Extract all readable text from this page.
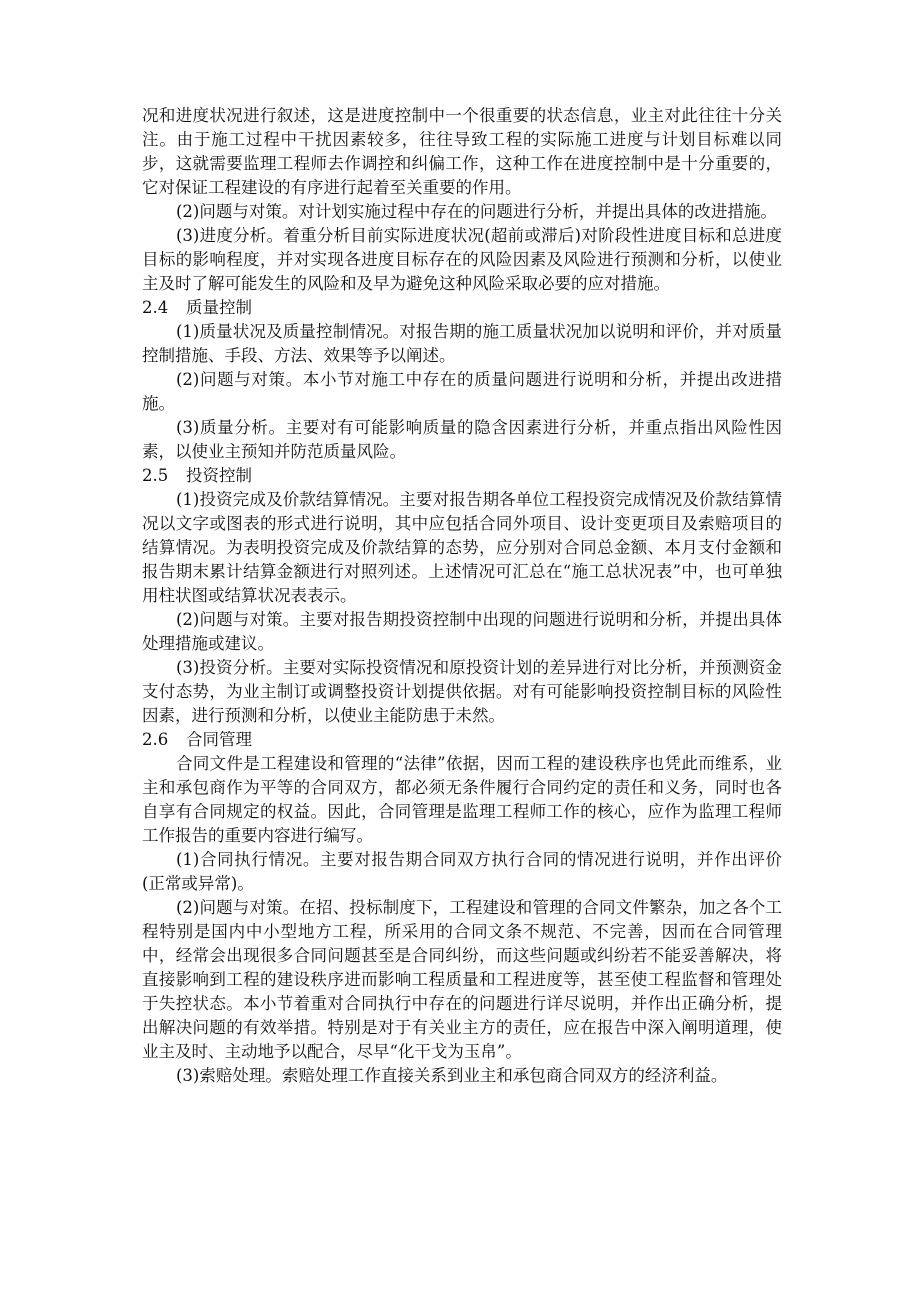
况和进度状况进行叙述，这是进度控制中一个很重要的状态信息，业主对此往往十分关注。由于施工过程中干扰因素较多，往往导致工程的实际施工进度与计划目标难以同步，这就需要监理工程师去作调控和纠偏工作，这种工作在进度控制中是十分重要的，它对保证工程建设的有序进行起着至关重要的作用。

(2)问题与对策。对计划实施过程中存在的问题进行分析，并提出具体的改进措施。

(3)进度分析。着重分析目前实际进度状况(超前或滞后)对阶段性进度目标和总进度目标的影响程度，并对实现各进度目标存在的风险因素及风险进行预测和分析，以使业主及时了解可能发生的风险和及早为避免这种风险采取必要的应对措施。

2.4 质量控制

(1)质量状况及质量控制情况。对报告期的施工质量状况加以说明和评价，并对质量控制措施、手段、方法、效果等予以阐述。

(2)问题与对策。本小节对施工中存在的质量问题进行说明和分析，并提出改进措施。

(3)质量分析。主要对有可能影响质量的隐含因素进行分析，并重点指出风险性因素，以使业主预知并防范质量风险。

2.5 投资控制

(1)投资完成及价款结算情况。主要对报告期各单位工程投资完成情况及价款结算情况以文字或图表的形式进行说明，其中应包括合同外项目、设计变更项目及索赔项目的结算情况。为表明投资完成及价款结算的态势，应分别对合同总金额、本月支付金额和报告期末累计结算金额进行对照列述。上述情况可汇总在“施工总状况表”中，也可单独用柱状图或结算状况表表示。

(2)问题与对策。主要对报告期投资控制中出现的问题进行说明和分析，并提出具体处理措施或建议。

(3)投资分析。主要对实际投资情况和原投资计划的差异进行对比分析，并预测资金支付态势，为业主制订或调整投资计划提供依据。对有可能影响投资控制目标的风险性因素，进行预测和分析，以使业主能防患于未然。

2.6 合同管理

合同文件是工程建设和管理的“法律”依据，因而工程的建设秩序也凭此而维系，业主和承包商作为平等的合同双方，都必须无条件履行合同约定的责任和义务，同时也各自享有合同规定的权益。因此，合同管理是监理工程师工作的核心，应作为监理工程师工作报告的重要内容进行编写。

(1)合同执行情况。主要对报告期合同双方执行合同的情况进行说明，并作出评价(正常或异常)。

(2)问题与对策。在招、投标制度下，工程建设和管理的合同文件繁杂，加之各个工程特别是国内中小型地方工程，所采用的合同文条不规范、不完善，因而在合同管理中，经常会出现很多合同问题甚至是合同纠纷，而这些问题或纠纷若不能妥善解决，将直接影响到工程的建设秩序进而影响工程质量和工程进度等，甚至使工程监督和管理处于失控状态。本小节着重对合同执行中存在的问题进行详尽说明，并作出正确分析，提出解决问题的有效举措。特别是对于有关业主方的责任，应在报告中深入阐明道理，使业主及时、主动地予以配合，尽早“化干戈为玉帛”。

(3)索赔处理。索赔处理工作直接关系到业主和承包商合同双方的经济利益。
